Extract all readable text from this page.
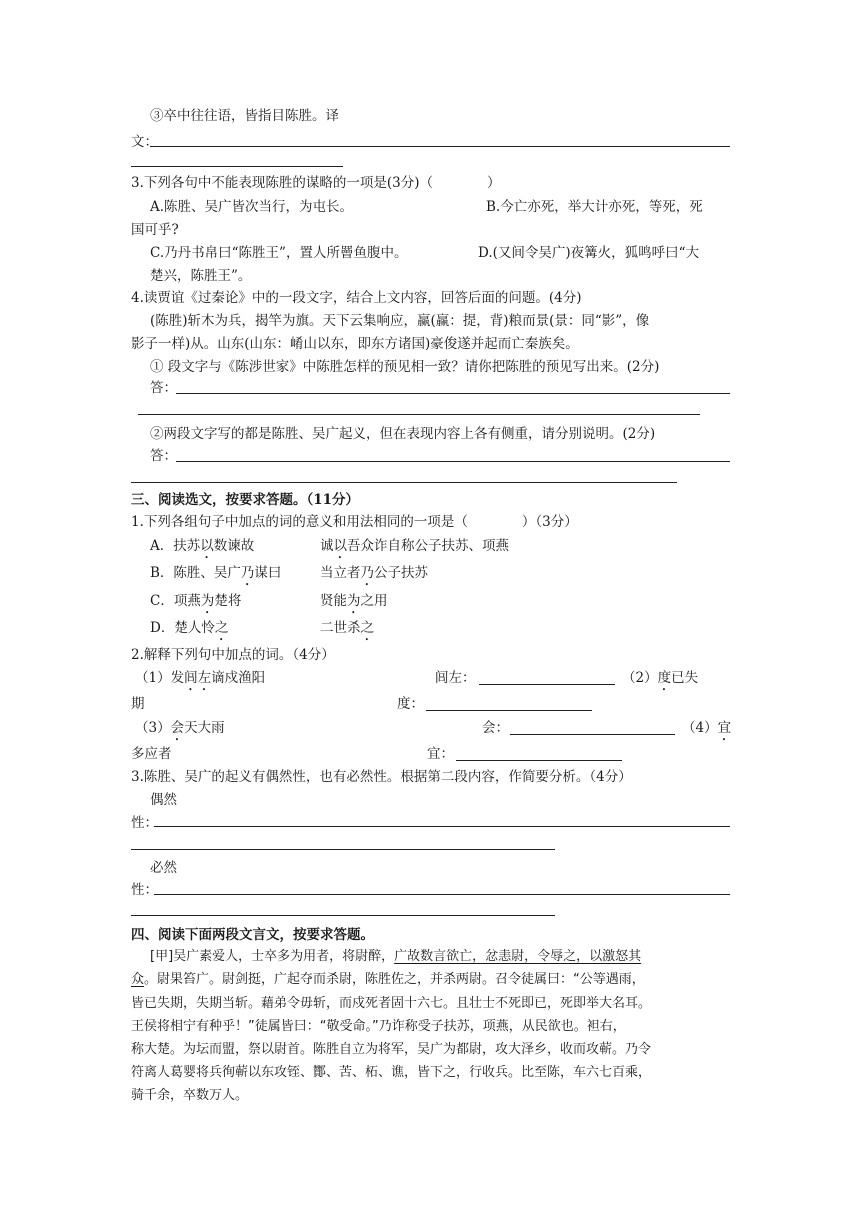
③卒中往往语，皆指目陈胜。译
文：
3.下列各句中不能表现陈胜的谋略的一项是(3分)（　　　　）
A.陈胜、吴广皆次当行，为屯长。	B.今亡亦死，举大计亦死，等死，死
国可乎?
C.乃丹书帛曰“陈胜王”，置人所罾鱼腹中。	D.(又间令吴广)夜篝火，狐鸣呼曰“大
楚兴，陈胜王”。
4.读贾谊《过秦论》中的一段文字，结合上文内容，回答后面的问题。(4分)
(陈胜)斩木为兵，揭竿为旗。天下云集响应，赢(赢：提，背)粮而景(景：同“影”，像
影子一样)从。山东(山东：崤山以东，即东方诸国)豪俊遂并起而亡秦族矣。
① 段文字与《陈涉世家》中陈胜怎样的预见相一致？请你把陈胜的预见写出来。(2分)
答：
②两段文字写的都是陈胜、吴广起义，但在表现内容上各有侧重，请分别说明。(2分)
答：
三、阅读选文，按要求答题。（11分）
1.下列各组句子中加点的词的意义和用法相同的一项是（　　　　）（3分）
A．扶苏以数谏故	诚以吾众诈自称公子扶苏、项燕
B．陈胜、吴广乃谋曰	当立者乃公子扶苏
C．项燕为楚将	贤能为之用
D．楚人怜之	二世杀之
2.解释下列句中加点的词。（4分）
（1）发闾左谪戍渔阳	闾左：	（2）度已失
期	度：
（3）会天大雨	会：	（4）宜
多应者	宜：
3.陈胜、吴广的起义有偶然性，也有必然性。根据第二段内容，作简要分析。（4分）
偶然
性：
必然
性：
四、阅读下面两段文言文，按要求答题。
[甲]吴广素爱人，士卒多为用者，将尉醉，广故数言欲亡，忿恚尉，令辱之，以激怒其
众。尉果笞广。尉剑挺，广起夺而杀尉，陈胜佐之，并杀两尉。召令徒属曰：“公等遇雨，
皆已失期，失期当斩。藉弟令毋斩，而戍死者固十六七。且壮士不死即已，死即举大名耳。
王侯将相宁有种乎！”徒属皆曰：“敬受命。”乃诈称受子扶苏，项燕，从民欲也。袒右，
称大楚。为坛而盟，祭以尉首。陈胜自立为将军，吴广为都尉，攻大泽乡，收而攻蕲。乃令
符离人葛婴将兵徇蕲以东攻铚、酇、苦、柘、谯，皆下之，行收兵。比至陈，车六七百乘，
骑千余，卒数万人。
